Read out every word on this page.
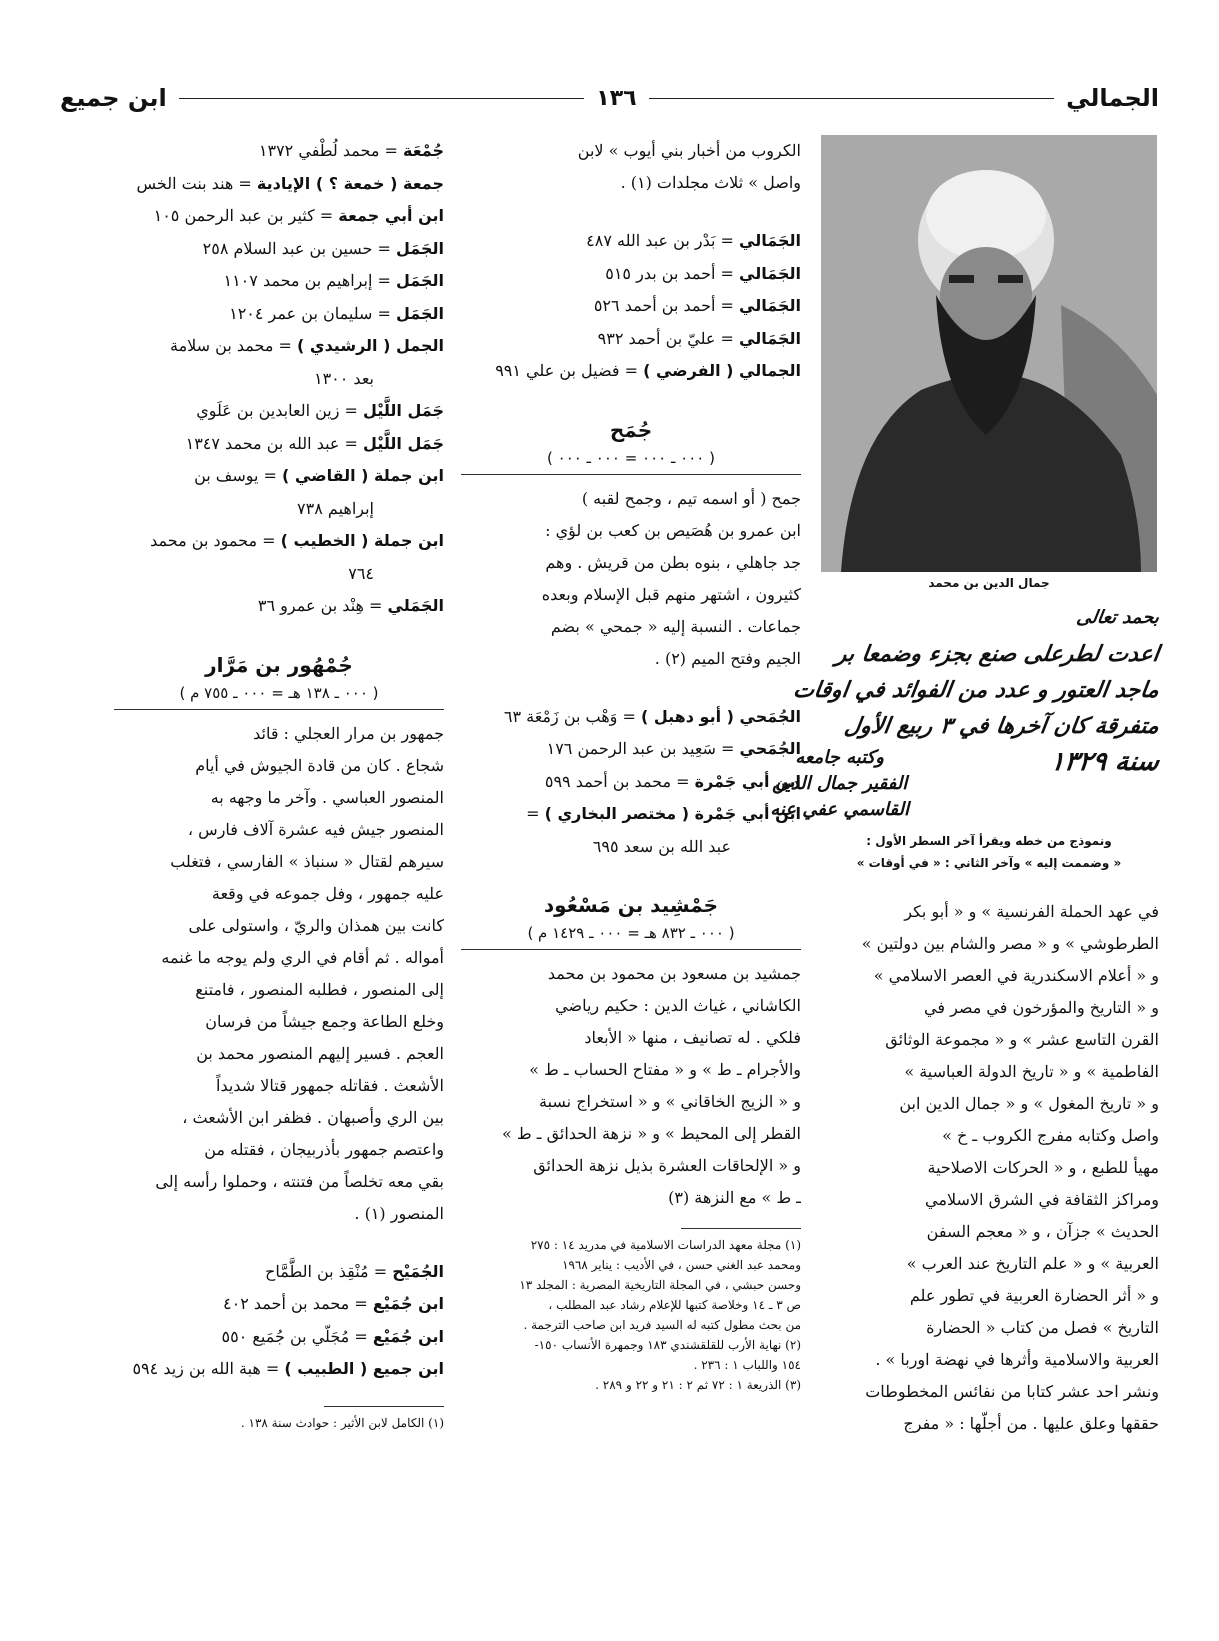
الجمالي
١٣٦
ابن جميع

جمال الدين بن محمد

بحمد تعالى

اعدت لطرعلى صنع بجزء وضمعا بر

ماجد العتور و عدد من الفوائد في اوقات

متفرقة كان آخرها في ٣ ربيع الأول

سنة ١٣٢٩

وكتبه جامعه
الفقير جمال الدين
القاسمي عفي عنه

ونموذج من خطه ويقرأ آخر السطر الأول :

« وضممت إليه » وآخر الثاني : « في أوقات »

في عهد الحملة الفرنسية » و « أبو بكر

الطرطوشي » و « مصر والشام بين دولتين »

و « أعلام الاسكندرية في العصر الاسلامي »

و « التاريخ والمؤرخون في مصر في

القرن التاسع عشر » و « مجموعة الوثائق

الفاطمية » و « تاريخ الدولة العباسية »

و « تاريخ المغول » و « جمال الدين ابن

واصل وكتابه مفرج الكروب ـ خ »

مهيأ للطبع ، و « الحركات الاصلاحية

ومراكز الثقافة في الشرق الاسلامي

الحديث » جزآن ، و « معجم السفن

العربية » و « علم التاريخ عند العرب »

و « أثر الحضارة العربية في تطور علم

التاريخ » فصل من كتاب « الحضارة

العربية والاسلامية وأثرها في نهضة اوربا » .

ونشر احد عشر كتابا من نفائس المخطوطات

حققها وعلق عليها . من أجلّها : « مفرج

الكروب من أخبار بني أيوب » لابن

واصل » ثلاث مجلدات (١) .

الجَمَالي = بَدْر بن عبد الله ٤٨٧

الجَمَالي = أحمد بن بدر ٥١٥

الجَمَالي = أحمد بن أحمد ٥٢٦

الجَمَالي = عليّ بن أحمد ٩٣٢

الجمالي ( الفرضي ) = فضيل بن علي ٩٩١

جُمَح

( ٠٠٠ ـ ٠٠٠ = ٠٠٠ ـ ٠٠٠ )

جمح ( أو اسمه تيم ، وجمح لقبه )

ابن عمرو بن هُصَيص بن كعب بن لؤي :

جد جاهلي ، بنوه بطن من قريش . وهم

كثيرون ، اشتهر منهم قبل الإسلام وبعده

جماعات . النسبة إليه « جمحي » بضم

الجيم وفتح الميم (٢) .

الجُمَحي ( أبو دهبل ) = وَهْب بن زَمْعَة ٦٣

الجُمَحي = سَعِيد بن عبد الرحمن ١٧٦

ابن أبي جَمْرة = محمد بن أحمد ٥٩٩

ابن أبي جَمْرة ( مختصر البخاري ) =

عبد الله بن سعد ٦٩٥

جَمْشِيد بن مَسْعُود

( ٠٠٠ ـ ٨٣٢ هـ = ٠٠٠ ـ ١٤٢٩ م )

جمشيد بن مسعود بن محمود بن محمد

الكاشاني ، غياث الدين : حكيم رياضي

فلكي . له تصانيف ، منها « الأبعاد

والأجرام ـ ط » و « مفتاح الحساب ـ ط »

و « الزيج الخاقاني » و « استخراج نسبة

القطر إلى المحيط » و « نزهة الحدائق ـ ط »

و « الإلحاقات العشرة بذيل نزهة الحدائق

ـ ط » مع النزهة (٣)

(١) مجلة معهد الدراسات الاسلامية في مدريد ١٤ : ٢٧٥

ومحمد عبد الغني حسن ، في الأديب : يناير ١٩٦٨

وحسن حبشي ، في المجلة التاريخية المصرية : المجلد ١٣

ص ٣ ـ ١٤ وخلاصة كتبها للإعلام رشاد عبد المطلب ،

من بحث مطول كتبه له السيد فريد ابن صاحب الترجمة .

(٢) نهاية الأرب للقلقشندي ١٨٣ وجمهرة الأنساب ١٥٠-

١٥٤ واللباب ١ : ٢٣٦ .

(٣) الذريعة ١ : ٧٢ ثم ٢ : ٢١ و ٢٢ و ٢٨٩ .

جُمْعَة = محمد لُطْفي ١٣٧٢

جمعة ( خمعة ؟ ) الإيادية = هند بنت الخس

ابن أبي جمعة = كثير بن عبد الرحمن ١٠٥

الجَمَل = حسين بن عبد السلام ٢٥٨

الجَمَل = إبراهيم بن محمد ١١٠٧

الجَمَل = سليمان بن عمر ١٢٠٤

الجمل ( الرشيدي ) = محمد بن سلامة

بعد ١٣٠٠

جَمَل اللَّيْل = زين العابدين بن عَلَوي

جَمَل اللَّيْل = عبد الله بن محمد ١٣٤٧

ابن جملة ( القاضي ) = يوسف بن

إبراهيم ٧٣٨

ابن جملة ( الخطيب ) = محمود بن محمد

٧٦٤

الجَمَلي = هِنْد بن عمرو ٣٦

جُمْهُور بن مَرَّار

( ٠٠٠ ـ ١٣٨ هـ = ٠٠٠ ـ ٧٥٥ م )

جمهور بن مرار العجلي : قائد

شجاع . كان من قادة الجيوش في أيام

المنصور العباسي . وآخر ما وجهه به

المنصور جيش فيه عشرة آلاف فارس ،

سيرهم لقتال « سنباذ » الفارسي ، فتغلب

عليه جمهور ، وفل جموعه في وقعة

كانت بين همذان والريّ ، واستولى على

أمواله . ثم أقام في الري ولم يوجه ما غنمه

إلى المنصور ، فطلبه المنصور ، فامتنع

وخلع الطاعة وجمع جيشاً من فرسان

العجم . فسير إليهم المنصور محمد بن

الأشعث . فقاتله جمهور قتالا شديداً

بين الري وأصبهان . فظفر ابن الأشعث ،

واعتصم جمهور بأذربيجان ، فقتله من

بقي معه تخلصاً من فتنته ، وحملوا رأسه إلى

المنصور (١) .

الجُمَيْح = مُنْقِذ بن الطَّمَّاح

ابن جُمَيْع = محمد بن أحمد ٤٠٢

ابن جُمَيْع = مُجَلّي بن جُمَيع ٥٥٠

ابن جميع ( الطبيب ) = هبة الله بن زيد ٥٩٤

(١) الكامل لابن الأثير : حوادث سنة ١٣٨ .
